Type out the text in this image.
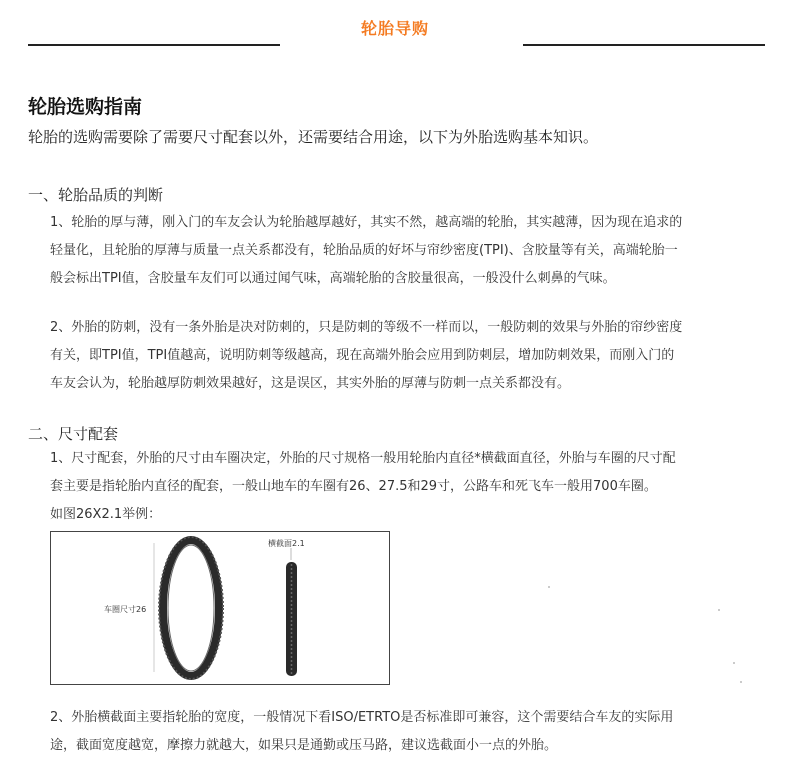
轮胎导购
轮胎选购指南
轮胎的选购需要除了需要尺寸配套以外，还需要结合用途，以下为外胎选购基本知识。
一、轮胎品质的判断
1、轮胎的厚与薄，刚入门的车友会认为轮胎越厚越好，其实不然，越高端的轮胎，其实越薄，因为现在追求的
轻量化，且轮胎的厚薄与质量一点关系都没有，轮胎品质的好坏与帘纱密度(TPI)、含胶量等有关，高端轮胎一
般会标出TPI值，含胶量车友们可以通过闻气味，高端轮胎的含胶量很高，一般没什么刺鼻的气味。
2、外胎的防刺，没有一条外胎是决对防刺的，只是防刺的等级不一样而以，一般防刺的效果与外胎的帘纱密度
有关，即TPI值，TPI值越高，说明防刺等级越高，现在高端外胎会应用到防刺层，增加防刺效果，而刚入门的
车友会认为，轮胎越厚防刺效果越好，这是误区，其实外胎的厚薄与防刺一点关系都没有。
二、尺寸配套
1、尺寸配套，外胎的尺寸由车圈决定，外胎的尺寸规格一般用轮胎内直径*横截面直径，外胎与车圈的尺寸配
套主要是指轮胎内直径的配套，一般山地车的车圈有26、27.5和29寸，公路车和死飞车一般用700车圈。
如图26X2.1举例：
横截面2.1
车圈尺寸26
2、外胎横截面主要指轮胎的宽度，一般情况下看ISO/ETRTO是否标准即可兼容，这个需要结合车友的实际用
途，截面宽度越宽，摩擦力就越大，如果只是通勤或压马路，建议选截面小一点的外胎。
